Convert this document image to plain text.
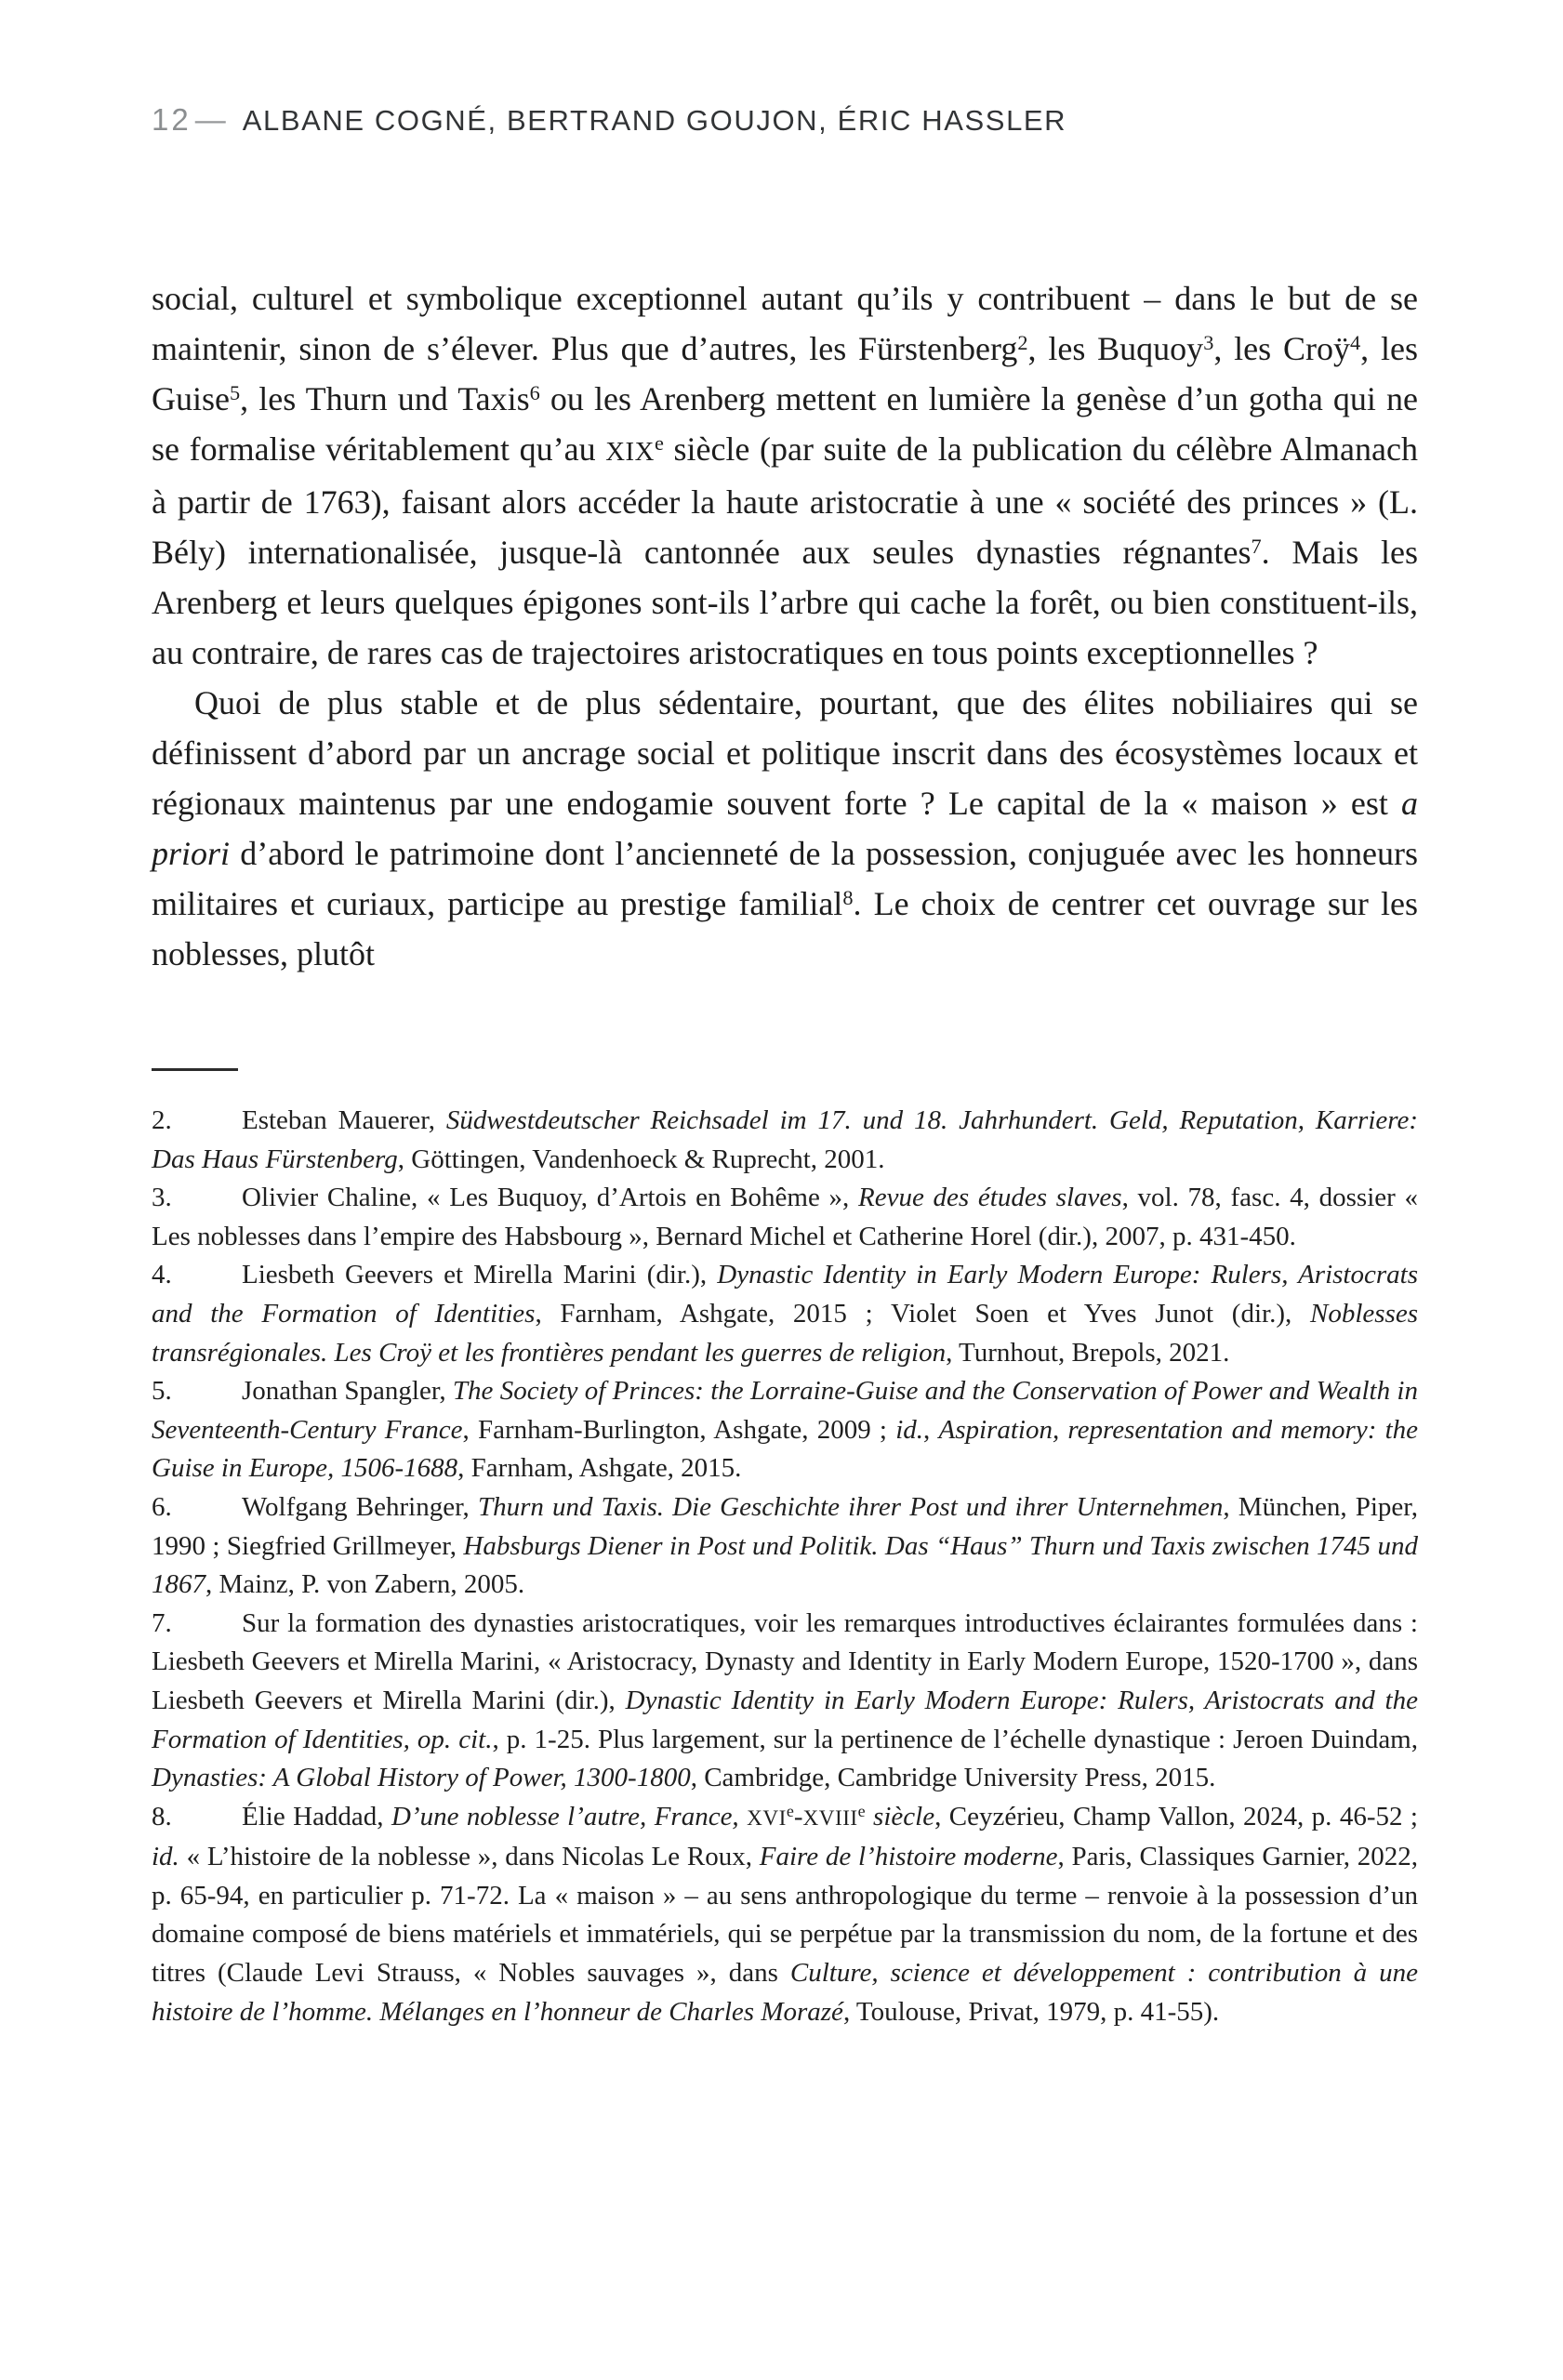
12 — ALBANE COGNÉ, BERTRAND GOUJON, ÉRIC HASSLER

social, culturel et symbolique exceptionnel autant qu’ils y contribuent – dans le but de se maintenir, sinon de s’élever. Plus que d’autres, les Fürstenberg$^2$, les Buquoy$^3$, les Croÿ$^4$, les Guise$^5$, les Thurn und Taxis$^6$ ou les Arenberg mettent en lumière la genèse d’un gotha qui ne se formalise véritablement qu’au XIXe siècle (par suite de la publication du célèbre Almanach à partir de 1763), faisant alors accéder la haute aristocratie à une « société des princes » (L. Bély) internationalisée, jusque-là cantonnée aux seules dynasties régnantes$^7$. Mais les Arenberg et leurs quelques épigones sont-ils l’arbre qui cache la forêt, ou bien constituent-ils, au contraire, de rares cas de trajectoires aristocratiques en tous points exceptionnelles ?

Quoi de plus stable et de plus sédentaire, pourtant, que des élites nobiliaires qui se définissent d’abord par un ancrage social et politique inscrit dans des écosystèmes locaux et régionaux maintenus par une endogamie souvent forte ? Le capital de la « maison » est a priori d’abord le patrimoine dont l’ancienneté de la possession, conjuguée avec les honneurs militaires et curiaux, participe au prestige familial$^8$. Le choix de centrer cet ouvrage sur les noblesses, plutôt

2.	Esteban Mauerer, Südwestdeutscher Reichsadel im 17. und 18. Jahrhundert. Geld, Reputation, Karriere: Das Haus Fürstenberg, Göttingen, Vandenhoeck & Ruprecht, 2001.

3.	Olivier Chaline, « Les Buquoy, d’Artois en Bohême », Revue des études slaves, vol. 78, fasc. 4, dossier « Les noblesses dans l’empire des Habsbourg », Bernard Michel et Catherine Horel (dir.), 2007, p. 431-450.

4.	Liesbeth Geevers et Mirella Marini (dir.), Dynastic Identity in Early Modern Europe: Rulers, Aristocrats and the Formation of Identities, Farnham, Ashgate, 2015 ; Violet Soen et Yves Junot (dir.), Noblesses transrégionales. Les Croÿ et les frontières pendant les guerres de religion, Turnhout, Brepols, 2021.

5.	Jonathan Spangler, The Society of Princes: the Lorraine-Guise and the Conservation of Power and Wealth in Seventeenth-Century France, Farnham-Burlington, Ashgate, 2009 ; id., Aspiration, representation and memory: the Guise in Europe, 1506-1688, Farnham, Ashgate, 2015.

6.	Wolfgang Behringer, Thurn und Taxis. Die Geschichte ihrer Post und ihrer Unternehmen, München, Piper, 1990 ; Siegfried Grillmeyer, Habsburgs Diener in Post und Politik. Das “Haus” Thurn und Taxis zwischen 1745 und 1867, Mainz, P. von Zabern, 2005.

7.	Sur la formation des dynasties aristocratiques, voir les remarques introductives éclairantes formulées dans : Liesbeth Geevers et Mirella Marini, « Aristocracy, Dynasty and Identity in Early Modern Europe, 1520-1700 », dans Liesbeth Geevers et Mirella Marini (dir.), Dynastic Identity in Early Modern Europe: Rulers, Aristocrats and the Formation of Identities, op. cit., p. 1-25. Plus largement, sur la pertinence de l’échelle dynastique : Jeroen Duindam, Dynasties: A Global History of Power, 1300-1800, Cambridge, Cambridge University Press, 2015.

8.	Élie Haddad, D’une noblesse l’autre, France, XVIe-XVIIIe siècle, Ceyzérieu, Champ Vallon, 2024, p. 46-52 ; id. « L’histoire de la noblesse », dans Nicolas Le Roux, Faire de l’histoire moderne, Paris, Classiques Garnier, 2022, p. 65-94, en particulier p. 71-72. La « maison » – au sens anthropologique du terme – renvoie à la possession d’un domaine composé de biens matériels et immatériels, qui se perpétue par la transmission du nom, de la fortune et des titres (Claude Levi Strauss, « Nobles sauvages », dans Culture, science et développement : contribution à une histoire de l’homme. Mélanges en l’honneur de Charles Morazé, Toulouse, Privat, 1979, p. 41-55).
